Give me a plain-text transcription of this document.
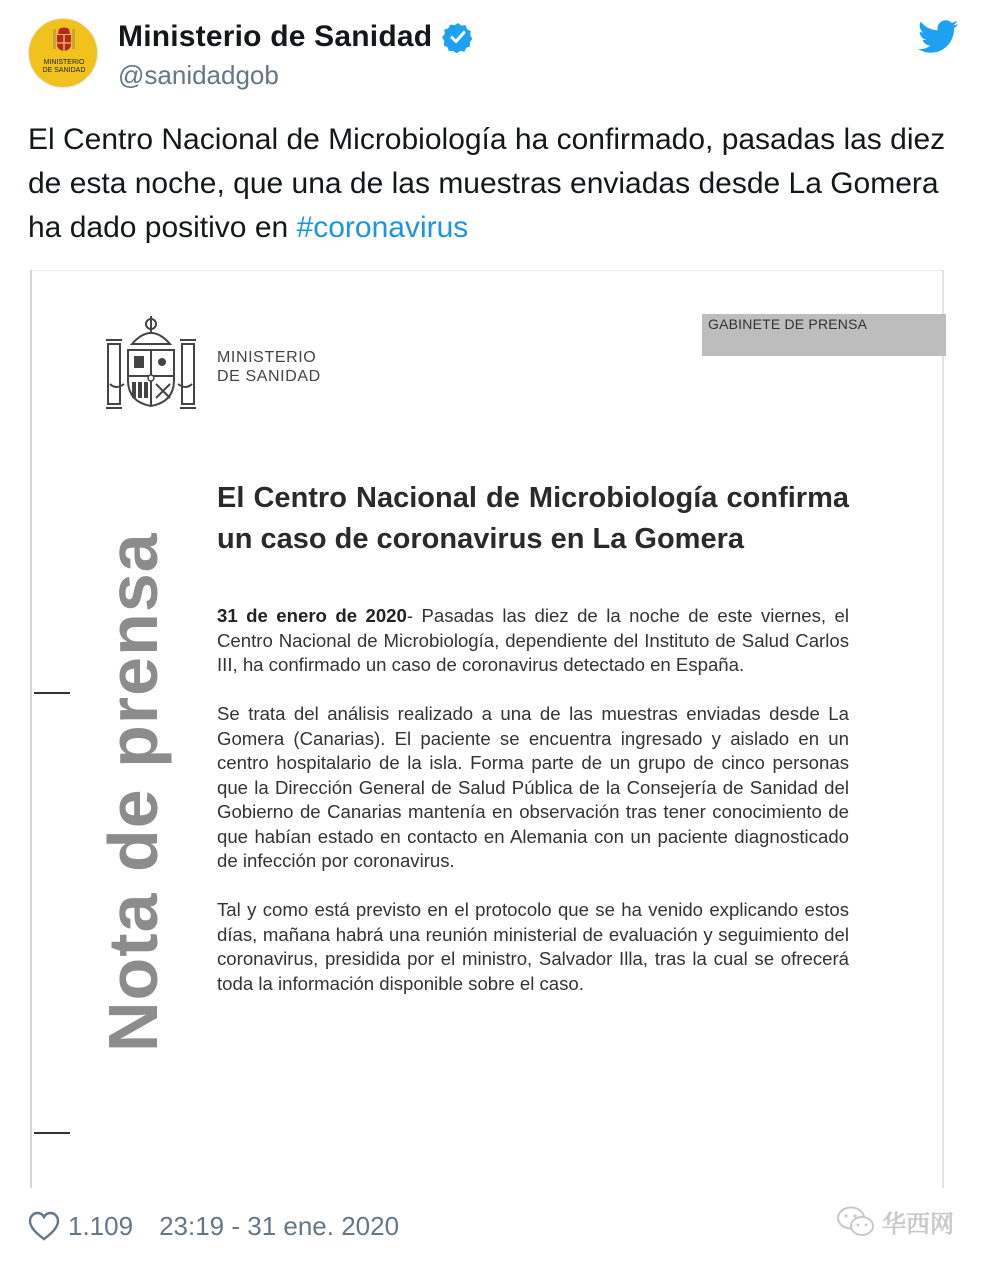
MINISTERIO
DE SANIDAD
Ministerio de Sanidad
@sanidadgob
El Centro Nacional de Microbiología ha confirmado, pasadas las diez de esta noche, que una de las muestras enviadas desde La Gomera ha dado positivo en #coronavirus
GABINETE DE PRENSA
MINISTERIO
DE SANIDAD
Nota de prensa
El Centro Nacional de Microbiología confirma un caso de coronavirus en La Gomera
31 de enero de 2020- Pasadas las diez de la noche de este viernes, el Centro Nacional de Microbiología, dependiente del Instituto de Salud Carlos III, ha confirmado un caso de coronavirus detectado en España.
Se trata del análisis realizado a una de las muestras enviadas desde La Gomera (Canarias). El paciente se encuentra ingresado y aislado en un centro hospitalario de la isla. Forma parte de un grupo de cinco personas que la Dirección General de Salud Pública de la Consejería de Sanidad del Gobierno de Canarias mantenía en observación tras tener conocimiento de que habían estado en contacto en Alemania con un paciente diagnosticado de infección por coronavirus.
Tal y como está previsto en el protocolo que se ha venido explicando estos días, mañana habrá una reunión ministerial de evaluación y seguimiento del coronavirus, presidida por el ministro, Salvador Illa, tras la cual se ofrecerá toda la información disponible sobre el caso.
1.109 23:19 - 31 ene. 2020	华西网
